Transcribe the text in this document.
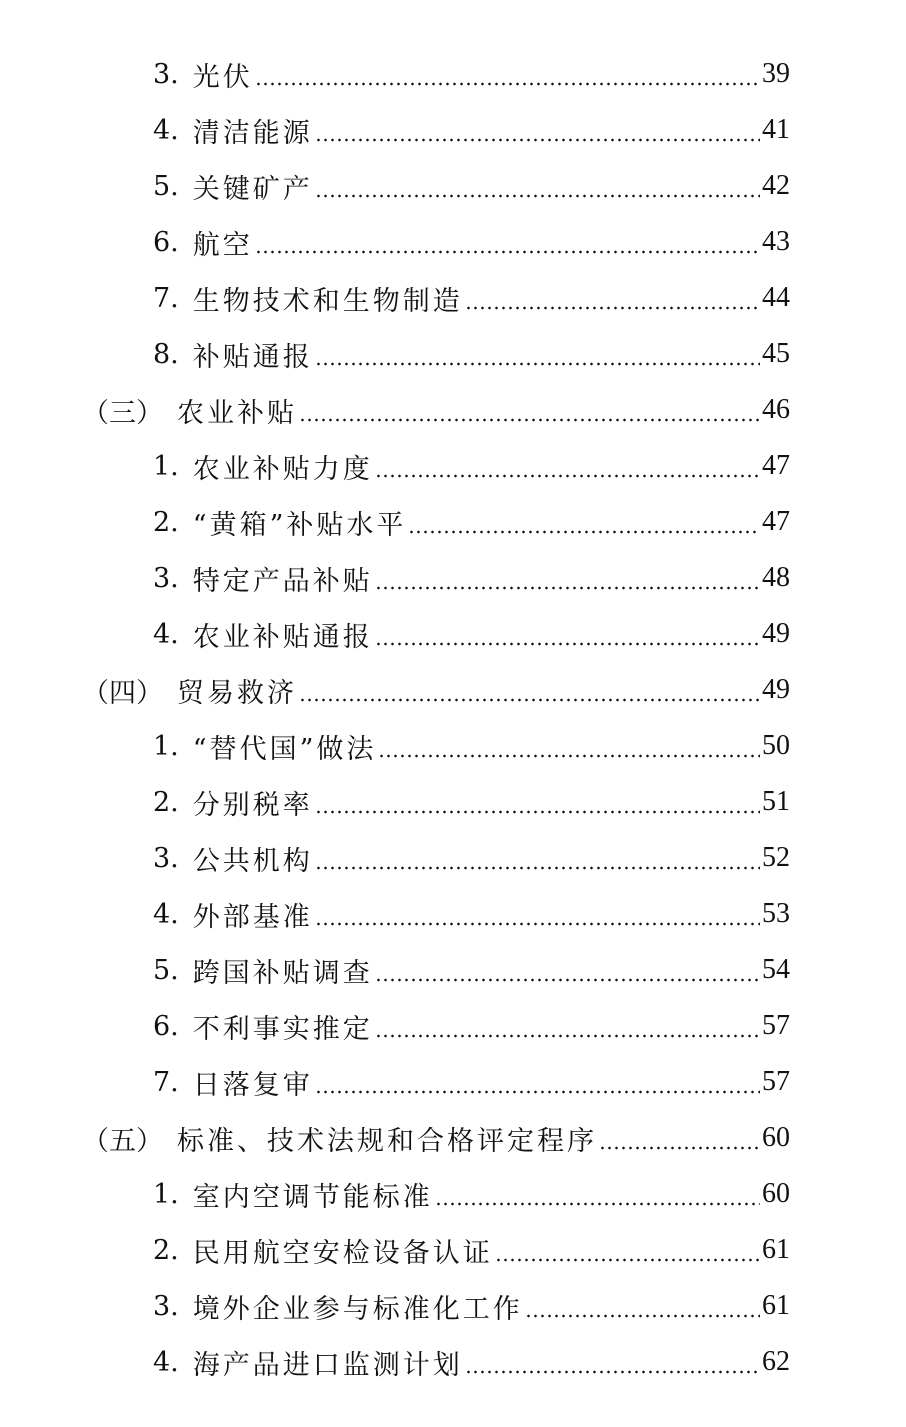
3. 光伏	39
4. 清洁能源	41
5. 关键矿产	42
6. 航空	43
7. 生物技术和生物制造	44
8. 补贴通报	45
（三） 农业补贴	46
1. 农业补贴力度	47
2. “黄箱”补贴水平	47
3. 特定产品补贴	48
4. 农业补贴通报	49
（四） 贸易救济	49
1. “替代国”做法	50
2. 分别税率	51
3. 公共机构	52
4. 外部基准	53
5. 跨国补贴调查	54
6. 不利事实推定	57
7. 日落复审	57
（五） 标准、技术法规和合格评定程序	60
1. 室内空调节能标准	60
2. 民用航空安检设备认证	61
3. 境外企业参与标准化工作	61
4. 海产品进口监测计划	62
